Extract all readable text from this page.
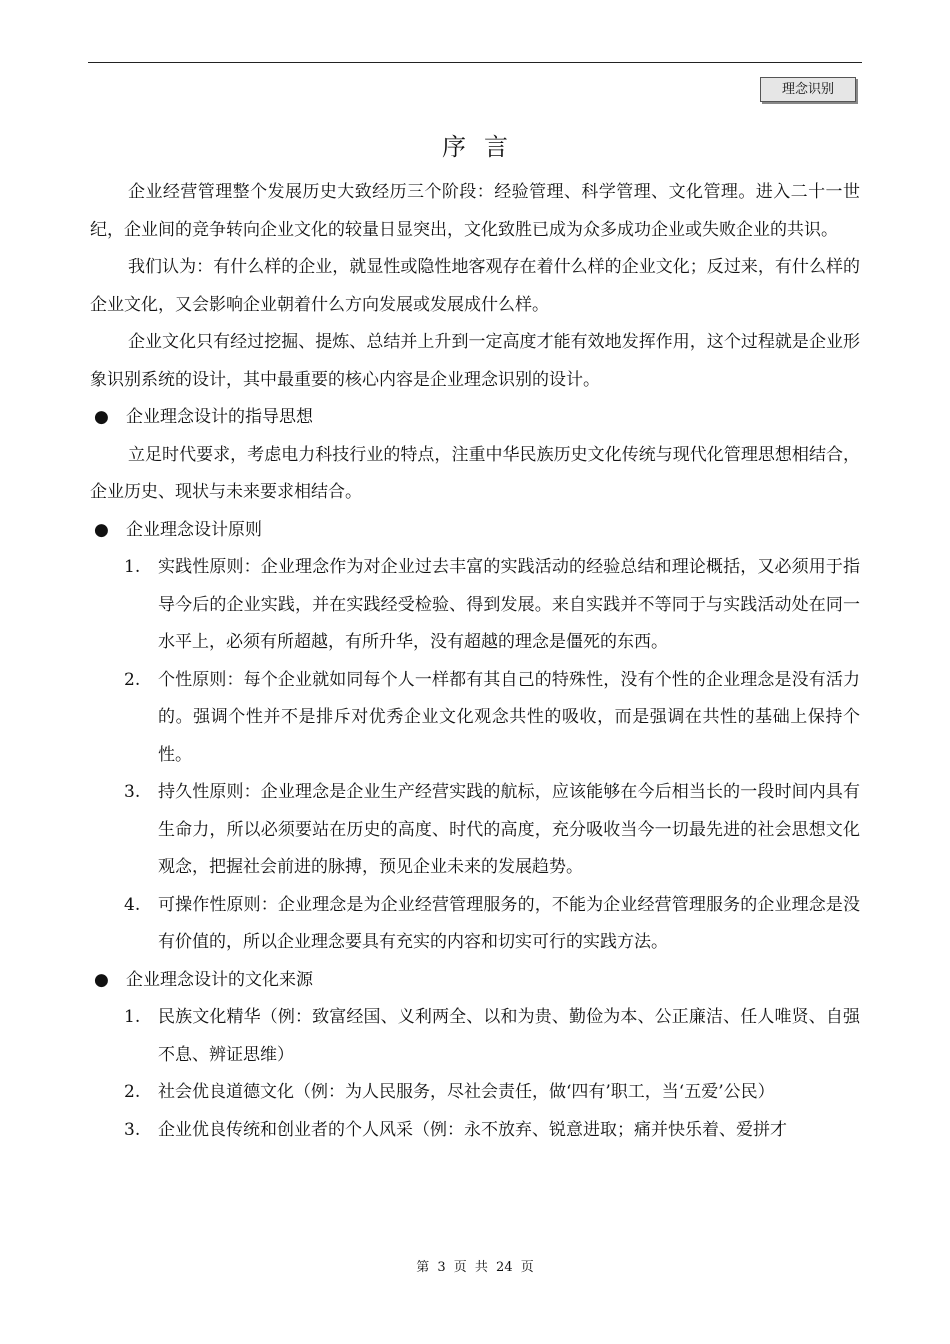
理念识别
序言

企业经营管理整个发展历史大致经历三个阶段：经验管理、科学管理、文化管理。进入二十一世纪，企业间的竞争转向企业文化的较量日显突出，文化致胜已成为众多成功企业或失败企业的共识。

我们认为：有什么样的企业，就显性或隐性地客观存在着什么样的企业文化；反过来，有什么样的企业文化，又会影响企业朝着什么方向发展或发展成什么样。

企业文化只有经过挖掘、提炼、总结并上升到一定高度才能有效地发挥作用，这个过程就是企业形象识别系统的设计，其中最重要的核心内容是企业理念识别的设计。

● 企业理念设计的指导思想

立足时代要求，考虑电力科技行业的特点，注重中华民族历史文化传统与现代化管理思想相结合，企业历史、现状与未来要求相结合。

● 企业理念设计原则
1. 实践性原则：企业理念作为对企业过去丰富的实践活动的经验总结和理论概括，又必须用于指导今后的企业实践，并在实践经受检验、得到发展。来自实践并不等同于与实践活动处在同一水平上，必须有所超越，有所升华，没有超越的理念是僵死的东西。
2. 个性原则：每个企业就如同每个人一样都有其自己的特殊性，没有个性的企业理念是没有活力的。强调个性并不是排斥对优秀企业文化观念共性的吸收，而是强调在共性的基础上保持个性。
3. 持久性原则：企业理念是企业生产经营实践的航标，应该能够在今后相当长的一段时间内具有生命力，所以必须要站在历史的高度、时代的高度，充分吸收当今一切最先进的社会思想文化观念，把握社会前进的脉搏，预见企业未来的发展趋势。
4. 可操作性原则：企业理念是为企业经营管理服务的，不能为企业经营管理服务的企业理念是没有价值的，所以企业理念要具有充实的内容和切实可行的实践方法。
● 企业理念设计的文化来源
1. 民族文化精华（例：致富经国、义利两全、以和为贵、勤俭为本、公正廉洁、任人唯贤、自强不息、辨证思维）
2. 社会优良道德文化（例：为人民服务，尽社会责任，做‘四有’职工，当‘五爱’公民）
3. 企业优良传统和创业者的个人风采（例：永不放弃、锐意进取；痛并快乐着、爱拼才
第 3 页 共 24 页
